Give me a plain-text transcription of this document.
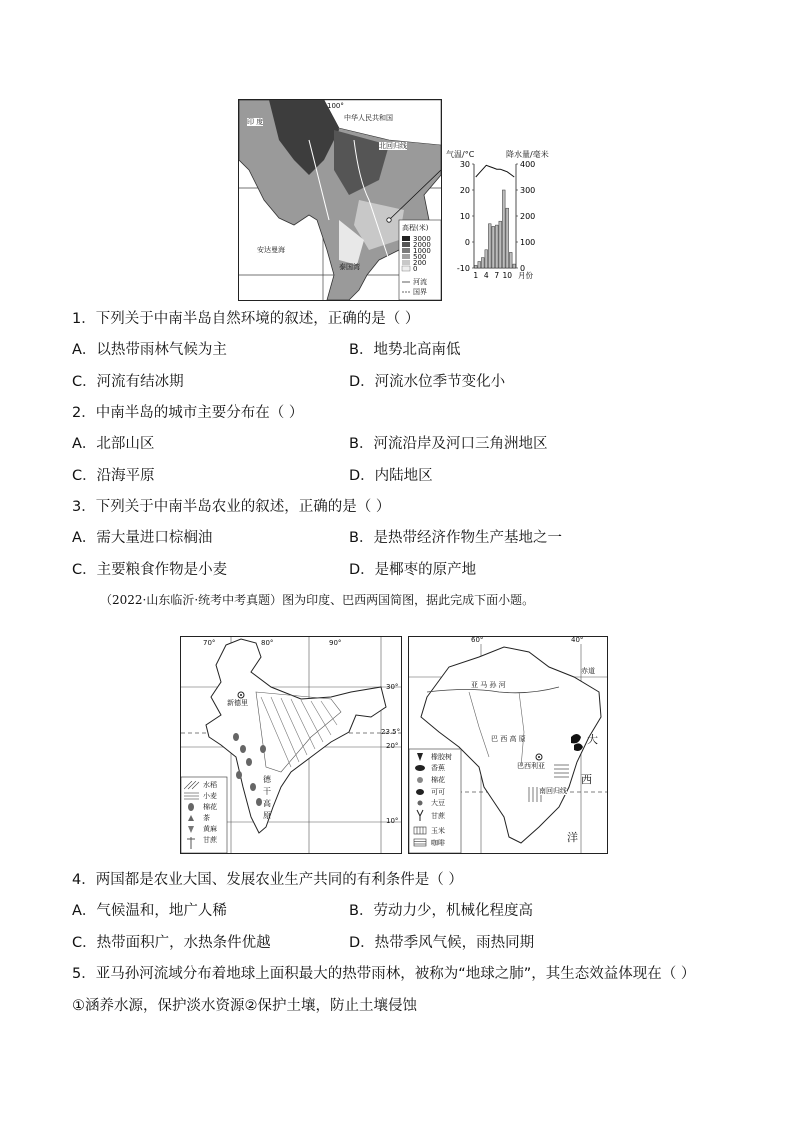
100°
中华人民共和国
印 度
北回归线
安达曼海
泰国湾
高程(米)
3000
2000
1000
500
200
0
河流
国界
气温/°C	降水量/毫米
30
20
10
0
-10
400
300
200
100
0
1 4 7 10 月份
1．下列关于中南半岛自然环境的叙述，正确的是（ ）
A．以热带雨林气候为主	B．地势北高南低
C．河流有结冰期	D．河流水位季节变化小
2．中南半岛的城市主要分布在（ ）
A．北部山区	B．河流沿岸及河口三角洲地区
C．沿海平原	D．内陆地区
3．下列关于中南半岛农业的叙述，正确的是（ ）
A．需大量进口棕榈油	B．是热带经济作物生产基地之一
C．主要粮食作物是小麦	D．是椰枣的原产地
（2022·山东临沂·统考中考真题）图为印度、巴西两国简图，据此完成下面小题。
70°	80°	90°
30°
23.5°
20°
10°
新德里
德
干
高
原
水稻
小麦
棉花
茶
黄麻
甘蔗
60°	40°
赤道
亚 马 孙 河
巴 西 高 原
巴西利亚
南回归线
大
西
洋
橡胶树
香蕉
棉花
可可
大豆
甘蔗
玉米
咖啡
4．两国都是农业大国、发展农业生产共同的有利条件是（ ）
A．气候温和，地广人稀	B．劳动力少，机械化程度高
C．热带面积广，水热条件优越	D．热带季风气候，雨热同期
5．亚马孙河流域分布着地球上面积最大的热带雨林，被称为“地球之肺”，其生态效益体现在（ ）
①涵养水源，保护淡水资源②保护土壤，防止土壤侵蚀
